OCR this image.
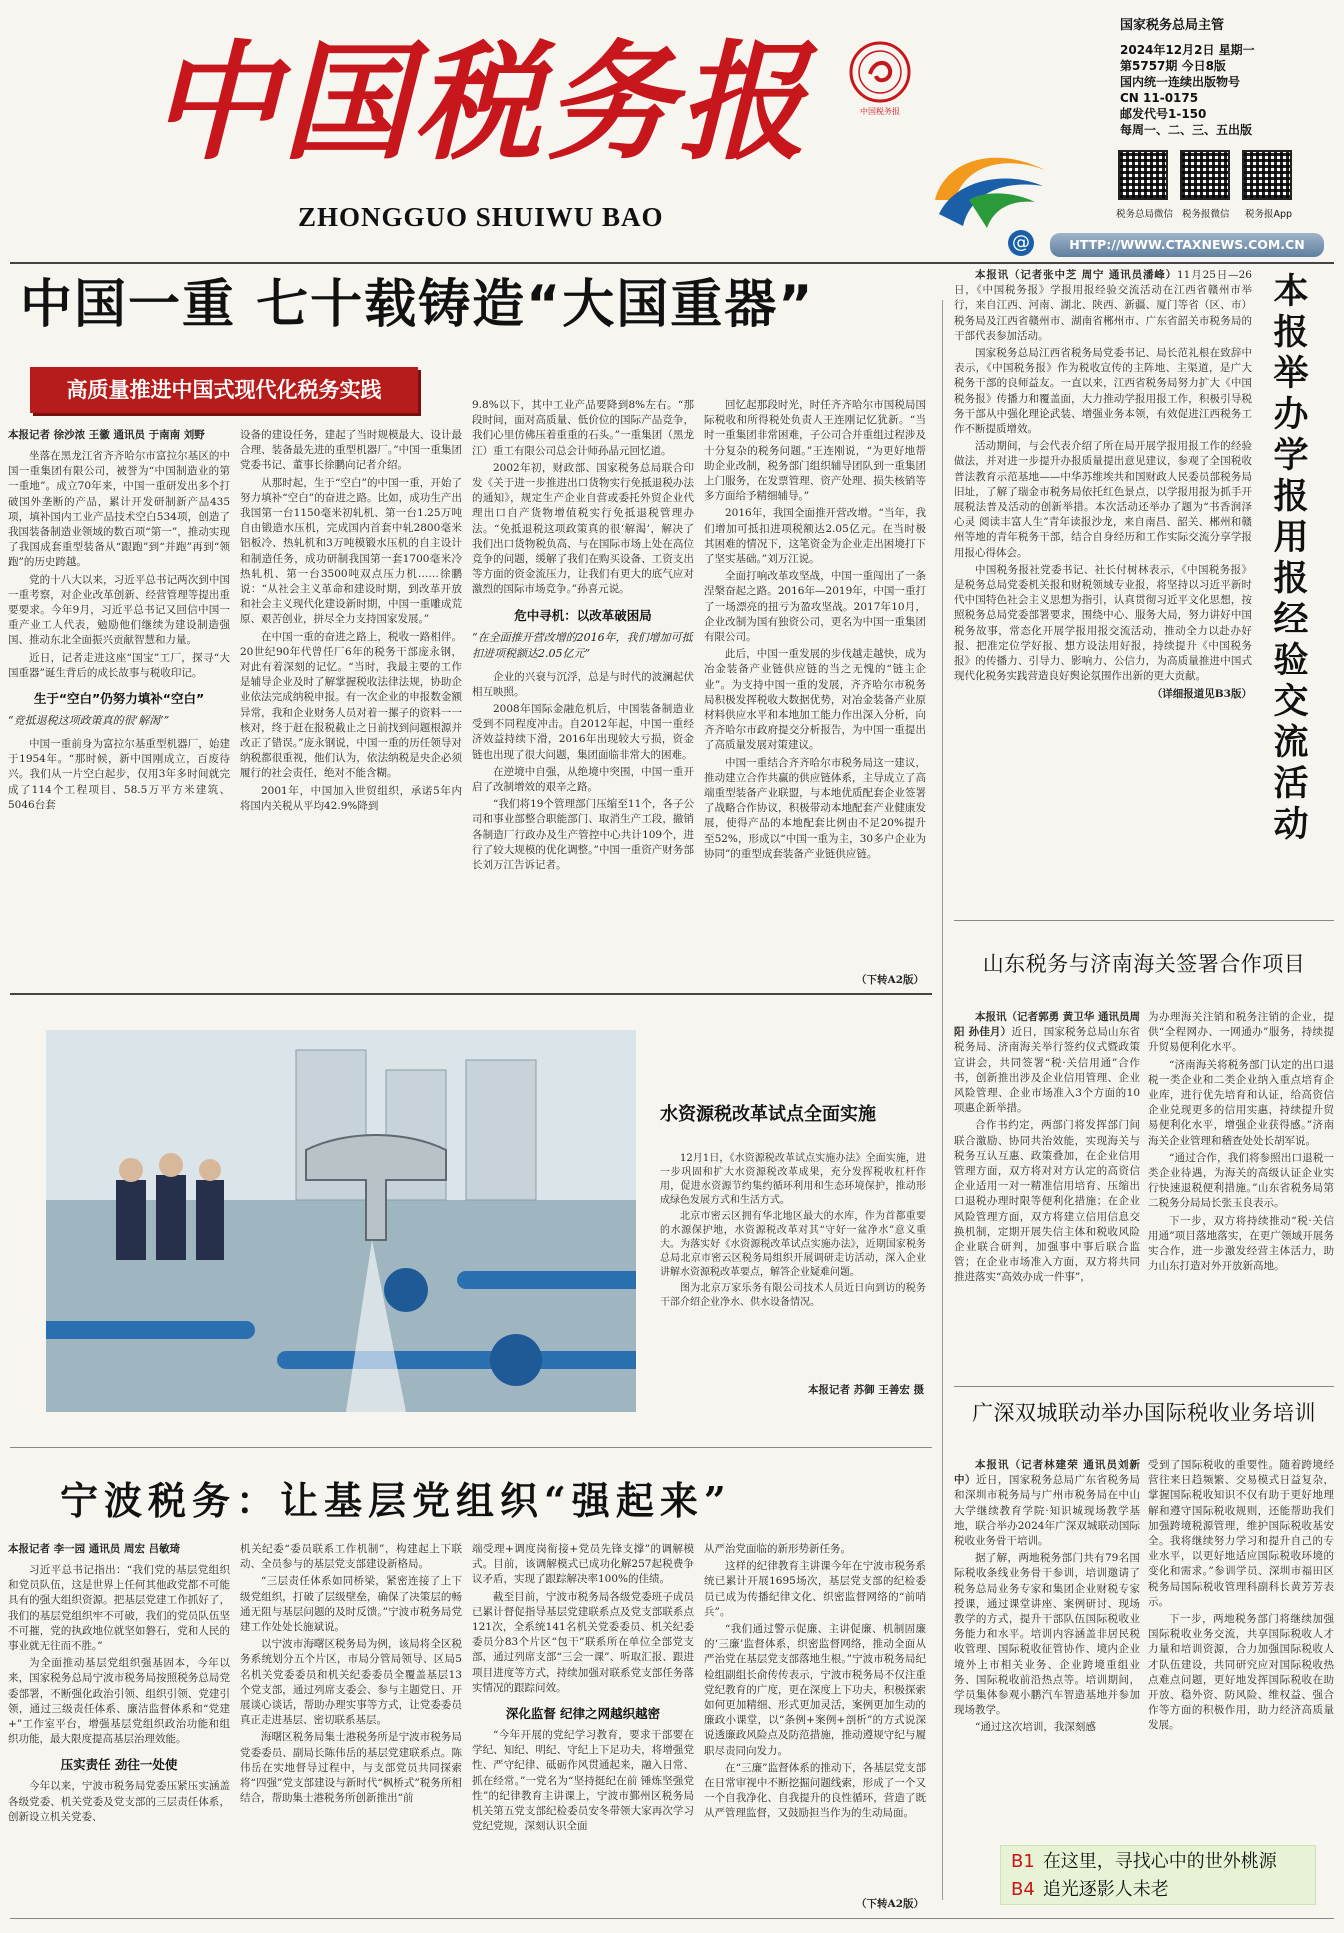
中国税务报	中国税务报
ZHONGGUO SHUIWU BAO
@
国家税务总局主管
2024年12月2日 星期一
第5757期 今日8版
国内统一连续出版物号
CN 11-0175
邮发代号1-150
每周一、二、三、五出版
税务总局微信 税务报微信 税务报App
HTTP://WWW.CTAXNEWS.COM.CN
中国一重 七十载铸造“大国重器”
高质量推进中国式现代化税务实践

本报记者 徐沙浓 王徽 通讯员 于南南 刘野

坐落在黑龙江省齐齐哈尔市富拉尔基区的中国一重集团有限公司，被誉为“中国制造业的第一重地”。成立70年来，中国一重研发出多个打破国外垄断的产品，累计开发研制新产品435项，填补国内工业产品技术空白534项，创造了我国装备制造业领域的数百项“第一”，推动实现了我国成套重型装备从“跟跑”到“并跑”再到“领跑”的历史跨越。

党的十八大以来，习近平总书记两次到中国一重考察，对企业改革创新、经营管理等提出重要要求。今年9月，习近平总书记又回信中国一重产业工人代表，勉励他们继续为建设制造强国、推动东北全面振兴贡献智慧和力量。

近日，记者走进这座“国宝”工厂，探寻“大国重器”诞生背后的成长故事与税收印记。

生于“空白”仍努力填补“空白”

“竞抵退税这项政策真的很‘解渴’”

中国一重前身为富拉尔基重型机器厂，始建于1954年。“那时候，新中国刚成立，百废待兴。我们从一片空白起步，仅用3年多时间就完成了114个工程项目、58.5万平方米建筑、5046台套

设备的建设任务，建起了当时规模最大、设计最合理、装备最先进的重型机器厂。”中国一重集团党委书记、董事长徐鹏向记者介绍。

从那时起，生于“空白”的中国一重，开始了努力填补“空白”的奋进之路。比如，成功生产出我国第一台1150毫米初轧机、第一台1.25万吨自由锻造水压机，完成国内首套中轧2800毫米铝板冷、热轧机和3万吨模锻水压机的自主设计和制造任务，成功研制我国第一套1700毫米冷热轧机、第一台3500吨双点压力机……徐鹏说：“从社会主义革命和建设时期，到改革开放和社会主义现代化建设新时期，中国一重雕成荒原、艰苦创业，拼尽全力支持国家发展。”

在中国一重的奋进之路上，税收一路相伴。20世纪90年代曾任厂6年的税务干部庞永钢，对此有着深刻的记忆。“当时，我最主要的工作是辅导企业及时了解掌握税收法律法规，协助企业依法完成纳税申报。有一次企业的申报数金额异常，我和企业财务人员对着一摞子的资料一一核对，终于赶在报税截止之日前找到问题根源并改正了错误。”庞永钢说，中国一重的历任领导对纳税都很重视，他们认为，依法纳税是央企必须履行的社会责任，绝对不能含糊。

2001年，中国加入世贸组织，承诺5年内将国内关税从平均42.9%降到

9.8%以下，其中工业产品要降到8%左右。“那段时间，面对高质量、低价位的国际产品竞争，我们心里仿佛压着重重的石头。”一重集团（黑龙江）重工有限公司总会计师孙晶元回忆道。

2002年初，财政部、国家税务总局联合印发《关于进一步推进出口货物实行免抵退税办法的通知》，规定生产企业自营或委托外贸企业代理出口自产货物增值税实行免抵退税管理办法。“免抵退税这项政策真的很‘解渴’，解决了我们出口货物税负高、与在国际市场上处在高位竞争的问题，缓解了我们在购买设备、工资支出等方面的资金流压力，让我们有更大的底气应对激烈的国际市场竞争。”孙喜元说。

危中寻机：以改革破困局

“在全面推开营改增的2016年，我们增加可抵扣进项税额达2.05亿元”

企业的兴衰与沉浮，总是与时代的波澜起伏相互映照。

2008年国际金融危机后，中国装备制造业受到不同程度冲击。自2012年起，中国一重经济效益持续下滑，2016年出现较大亏损，资金链也出现了很大问题，集团面临非常大的困难。

在逆境中自强，从绝境中突围，中国一重开启了改制增效的艰辛之路。

“我们将19个管理部门压缩至11个，各子公司和事业部整合职能部门、取消生产工段，撤销各制造厂行政办及生产管控中心共计109个，进行了较大规模的优化调整。”中国一重资产财务部长刘万江告诉记者。

回忆起那段时光，时任齐齐哈尔市国税局国际税收和所得税处负责人王连刚记忆犹新。“当时一重集团非常困难，子公司合并重组过程涉及十分复杂的税务问题。”王连刚说，“为更好地帮助企业改制，税务部门组织辅导团队到一重集团上门服务，在发票管理、资产处理、损失核销等多方面给予精细辅导。”

2016年，我国全面推开营改增。“当年，我们增加可抵扣进项税额达2.05亿元。在当时极其困难的情况下，这笔资金为企业走出困境打下了坚实基础。”刘万江说。

全面打响改革攻坚战，中国一重闯出了一条涅槃奋起之路。2016年—2019年，中国一重打了一场漂亮的扭亏为盈攻坚战。2017年10月，企业改制为国有独资公司，更名为中国一重集团有限公司。

此后，中国一重发展的步伐越走越快，成为冶金装备产业链供应链的当之无愧的“链主企业”。为支持中国一重的发展，齐齐哈尔市税务局积极发挥税收大数据优势，对冶金装备产业原材料供应水平和本地加工能力作出深入分析，向齐齐哈尔市政府提交分析报告，为中国一重提出了高质量发展对策建议。

中国一重结合齐齐哈尔市税务局这一建议，推动建立合作共赢的供应链体系，主导成立了高端重型装备产业联盟，与本地优质配套企业签署了战略合作协议，积极带动本地配套产业健康发展，使得产品的本地配套比例由不足20%提升至52%，形成以“中国一重为主，30多户企业为协同”的重型成套装备产业链供应链。

（下转A2版）
水资源税改革试点全面实施

12月1日，《水资源税改革试点实施办法》全面实施，进一步巩固和扩大水资源税改革成果，充分发挥税收杠杆作用，促进水资源节约集约循环利用和生态环境保护，推动形成绿色发展方式和生活方式。

北京市密云区拥有华北地区最大的水库，作为首都重要的水源保护地，水资源税改革对其“守好一盆净水”意义重大。为落实好《水资源税改革试点实施办法》，近期国家税务总局北京市密云区税务局组织开展调研走访活动，深入企业讲解水资源税改革要点，解答企业疑难问题。

图为北京万家乐务有限公司技术人员近日向到访的税务干部介绍企业净水、供水设备情况。

本报记者 苏御 王善宏 摄
宁波税务：让基层党组织“强起来”

本报记者 李一园 通讯员 周宏 吕敏琦

习近平总书记指出：“我们党的基层党组织和党员队伍，这是世界上任何其他政党都不可能具有的强大组织资源。把基层党建工作抓好了，我们的基层党组织牢不可破，我们的党员队伍坚不可摧，党的执政地位就坚如磐石，党和人民的事业就无往而不胜。”

为全面推动基层党组织强基固本，今年以来，国家税务总局宁波市税务局按照税务总局党委部署，不断强化政治引领、组织引领、党建引领，通过三级责任体系、廉洁监督体系和“党建+”工作室平台，增强基层党组织政治功能和组织功能，最大限度提高基层治理效能。

压实责任 劲往一处使

今年以来，宁波市税务局党委压紧压实涵盖各级党委、机关党委及党支部的三层责任体系，创新设立机关党委、

机关纪委“委员联系工作机制”，构建起上下联动、全员参与的基层党支部建设新格局。

“三层责任体系如同桥梁，紧密连接了上下级党组织，打破了层级壁垒，确保了决策层的畅通无阻与基层问题的及时反馈。”宁波市税务局党建工作处处长施斌说。

以宁波市海曙区税务局为例，该局将全区税务系统划分五个片区，市局分管局领导、区局5名机关党委委员和机关纪委委员全覆盖基层13个党支部，通过列席支委会、参与主题党日、开展谈心谈话，帮助办理实事等方式，让党委委员真正走进基层、密切联系基层。

海曙区税务局集士港税务所是宁波市税务局党委委员、副局长陈伟岳的基层党建联系点。陈伟岳在实地督导过程中，与支部党员共同探索将“四强”党支部建设与新时代“枫桥式”税务所相结合，帮助集士港税务所创新推出“前

端受理+调度岗衔接+党员先锋支撑”的调解模式。目前，该调解模式已成功化解257起税费争议矛盾，实现了跟踪解决率100%的佳绩。

截至目前，宁波市税务局各级党委班子成员已累计督促指导基层党建联系点及党支部联系点121次，全系统141名机关党委委员、机关纪委委员分83个片区“包干”联系所在单位全部党支部，通过列席支部“三会一课”、听取汇报、跟进项目进度等方式，持续加强对联系党支部任务落实情况的跟踪问效。

深化监督 纪律之网越织越密

“今年开展的党纪学习教育，要求干部要在学纪、知纪、明纪、守纪上下足功夫，将增强党性、严守纪律、砥砺作风贯通起来，融入日常、抓在经常。”一党名为“坚持挺纪在前 锤炼坚强党性”的纪律教育主讲课上，宁波市鄞州区税务局机关第五党支部纪检委员安冬带领大家再次学习党纪党规，深刻认识全面

从严治党面临的新形势新任务。

这样的纪律教育主讲课今年在宁波市税务系统已累计开展1695场次，基层党支部的纪检委员已成为传播纪律文化、织密监督网络的“前哨兵”。

“我们通过警示促廉、主讲促廉、机制固廉的‘三廉’监督体系，织密监督网络，推动全面从严治党在基层党支部落地生根。”宁波市税务局纪检组副组长俞传传表示，宁波市税务局不仅注重党纪教育的广度，更在深度上下功夫，积极探索如何更加精细、形式更加灵活，案例更加生动的廉政小课堂，以“条例+案例+剖析”的方式说深说透廉政风险点及防范措施，推动遵规守纪与履职尽责同向发力。

在“三廉”监督体系的推动下，各基层党支部在日常审视中不断挖掘问题线索，形成了一个又一个自我净化、自我提升的良性循环，营造了既从严管理监督，又鼓励担当作为的生动局面。

（下转A2版）

本报讯（记者张中芝 周宁 通讯员潘峰）11月25日—26日，《中国税务报》学报用报经验交流活动在江西省赣州市举行，来自江西、河南、湖北、陕西、新疆、厦门等省（区、市）税务局及江西省赣州市、湖南省郴州市、广东省韶关市税务局的干部代表参加活动。

国家税务总局江西省税务局党委书记、局长范礼根在致辞中表示，《中国税务报》作为税收宣传的主阵地、主渠道，是广大税务干部的良师益友。一直以来，江西省税务局努力扩大《中国税务报》传播力和覆盖面，大力推动学报用报工作，积极引导税务干部从中强化理论武装、增强业务本领，有效促进江西税务工作不断提质增效。

活动期间，与会代表介绍了所在局开展学报用报工作的经验做法，并对进一步提升办报质量提出意见建议，参观了全国税收普法教育示范基地——中华苏维埃共和国财政人民委员部税务局旧址，了解了瑞金市税务局依托红色景点，以学报用报为抓手开展税法普及活动的创新举措。本次活动还举办了题为“书香润泽心灵 阅读丰富人生”青年读报沙龙，来自南昌、韶关、郴州和赣州等地的青年税务干部，结合自身经历和工作实际交流分享学报用报心得体会。

中国税务报社党委书记、社长付树林表示，《中国税务报》是税务总局党委机关报和财税领域专业报，将坚持以习近平新时代中国特色社会主义思想为指引，认真贯彻习近平文化思想，按照税务总局党委部署要求，围绕中心、服务大局，努力讲好中国税务故事，常态化开展学报用报交流活动，推动全力以赴办好报、把准定位学好报、想方设法用好报，持续提升《中国税务报》的传播力、引导力、影响力、公信力，为高质量推进中国式现代化税务实践营造良好舆论氛围作出新的更大贡献。

（详细报道见B3版） 本报举办学报用报经验交流活动
山东税务与济南海关签署合作项目

本报讯（记者郭勇 黄卫华 通讯员周阳 孙佳月）近日，国家税务总局山东省税务局、济南海关举行签约仪式暨政策宣讲会，共同签署“税·关信用通”合作书，创新推出涉及企业信用管理、企业风险管理、企业市场准入3个方面的10项惠企新举措。

合作书约定，两部门将发挥部门间联合激励、协同共治效能，实现海关与税务互认互惠、政策叠加，在企业信用管理方面，双方将对对方认定的高资信企业适用一对一精准信用培育、压缩出口退税办理时限等便利化措施；在企业风险管理方面，双方将建立信用信息交换机制，定期开展失信主体和税收风险企业联合研判，加强事中事后联合监管；在企业市场准入方面，双方将共同推进落实“高效办成一件事”，

为办理海关注销和税务注销的企业，提供“全程网办、一网通办”服务，持续提升贸易便利化水平。

“济南海关将税务部门认定的出口退税一类企业和二类企业纳入重点培育企业库，进行优先培育和认证，给高资信企业兑现更多的信用实惠，持续提升贸易便利化水平，增强企业获得感。”济南海关企业管理和稽查处处长胡军说。

“通过合作，我们将参照出口退税一类企业待遇，为海关的高级认证企业实行快速退税便利措施。”山东省税务局第二税务分局局长张玉良表示。

下一步，双方将持续推动“税·关信用通”项目落地落实，在更广领域开展务实合作，进一步激发经营主体活力，助力山东打造对外开放新高地。

广深双城联动举办国际税收业务培训

本报讯（记者林建荣 通讯员刘新中）近日，国家税务总局广东省税务局和深圳市税务局与广州市税务局在中山大学继续教育学院·知识城现场教学基地，联合举办2024年广深双城联动国际税收业务骨干培训。

据了解，两地税务部门共有79名国际税收条线业务骨干参训，培训邀请了税务总局业务专家和集团企业财税专家授课，通过课堂讲座、案例研讨、现场教学的方式，提升干部队伍国际税收业务能力和水平。培训内容涵盖非居民税收管理、国际税收征管协作、境内企业境外上市相关业务、企业跨境重组业务、国际税收前沿热点等。培训期间，学员集体参观小鹏汽车智造基地并参加现场教学。

“通过这次培训，我深刻感

受到了国际税收的重要性。随着跨境经营往来日趋频繁、交易模式日益复杂，掌握国际税收知识不仅有助于更好地理解和遵守国际税收规则，还能帮助我们加强跨境税源管理，维护国际税收基安全。我将继续努力学习和提升自己的专业水平，以更好地适应国际税收环境的变化和需求。”参训学员、深圳市福田区税务局国际税收管理科副科长黄芳芳表示。

下一步，两地税务部门将继续加强国际税收业务交流，共享国际税收人才力量和培训资源，合力加强国际税收人才队伍建设，共同研究应对国际税收热点难点问题，更好地发挥国际税收在助开放、稳外资、防风险、维权益、强合作等方面的积极作用，助力经济高质量发展。

B1 在这里，寻找心中的世外桃源
B4 追光逐影人未老
